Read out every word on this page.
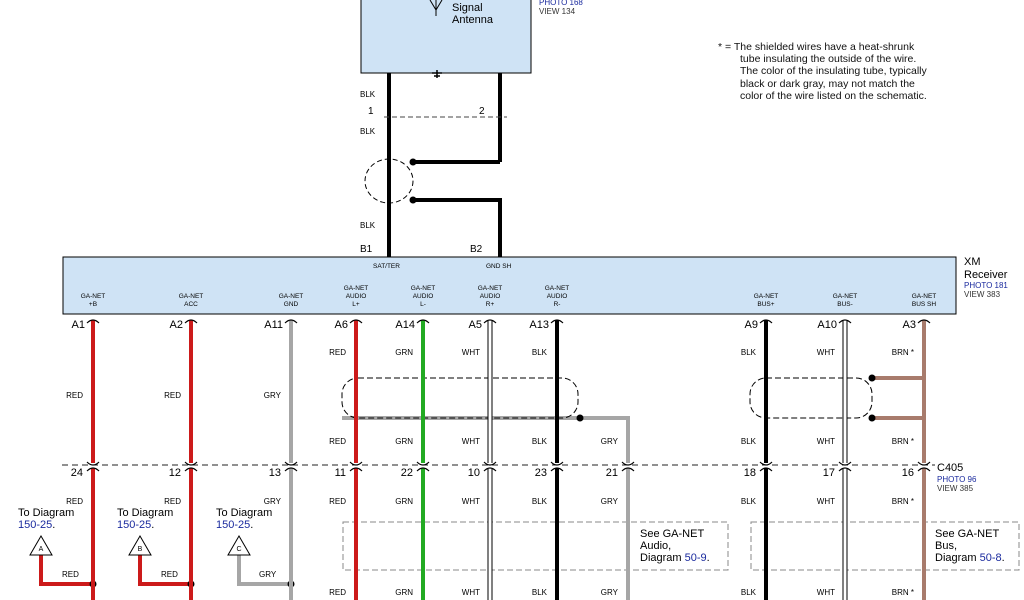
Signal
Antenna
PHOTO 168
VIEW 134
BLK
1	2
BLK
BLK
B1	B2
SAT/TER	GND SH	XM
Receiver
PHOTO 181
VIEW 383
C405
PHOTO 96
VIEW 385
See GA-NET
Audio,
Diagram 50-9.
See GA-NET
Bus,
Diagram 50-8.
A	B	C
To Diagram
150-25.
To Diagram
150-25.
To Diagram
150-25.
RED	RED	GRY
GA-NET
+B
A1
RED
24
RED
GA-NET
ACC
A2
RED
12
RED
GA-NET
GND
A11
GRY
13
GRY
GA-NET
AUDIO
L+
A6
RED
RED
11
RED
GA-NET
AUDIO
L-
A14
GRN
GRN
22
GRN
GA-NET
AUDIO
R+
A5
WHT
WHT
10
WHT
GA-NET
AUDIO
R-
A13
BLK
BLK
23
BLK
GA-NET
BUS+
A9
BLK
BLK
18
BLK
GA-NET
BUS-
A10
WHT
WHT
17
WHT
GA-NET
BUS SH
A3
BRN *
BRN *
16
BRN *
GRY
21
GRY
RED	GRN	WHT	BLK	GRY	BLK	WHT	BRN *
* = The shielded wires have a heat-shrunk
tube insulating the outside of the wire.
The color of the insulating tube, typically
black or dark gray, may not match the
color of the wire listed on the schematic.
